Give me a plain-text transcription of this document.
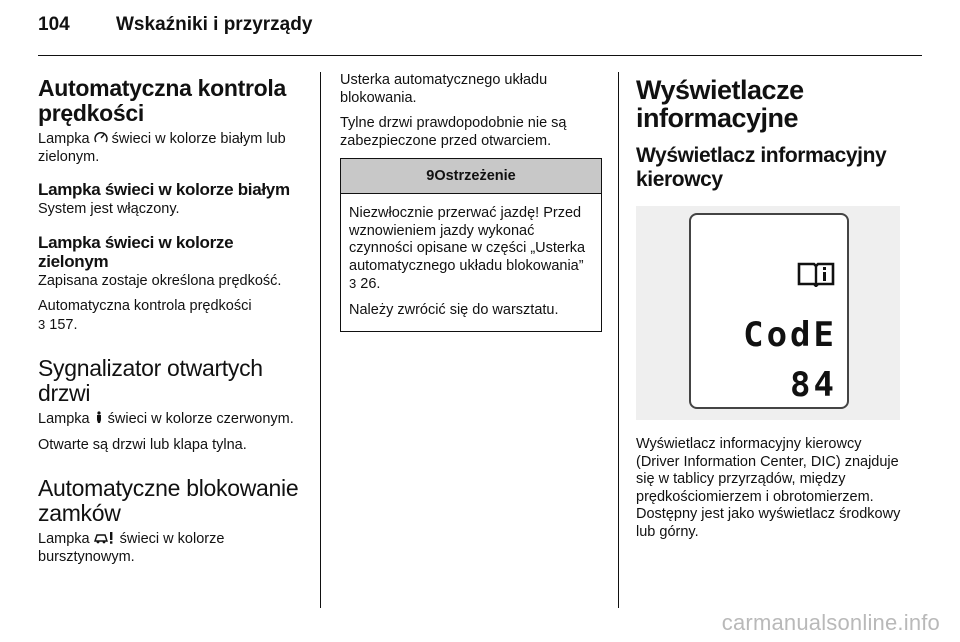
104	Wskaźniki i przyrządy
Automatyczna kontrola prędkości

Lampka  świeci w kolorze białym lub zielonym.

Lampka świeci w kolorze białym

System jest włączony.

Lampka świeci w kolorze zielonym

Zapisana zostaje określona prędkość.

Automatyczna kontrola prędkości
3 157.

Sygnalizator otwartych drzwi

Lampka  świeci w kolorze czerwonym.

Otwarte są drzwi lub klapa tylna.

Automatyczne blokowanie zamków

Lampka  świeci w kolorze bursztynowym.

Usterka automatycznego układu blokowania.

Tylne drzwi prawdopodobnie nie są zabezpieczone przed otwarciem.

9Ostrzeżenie

Niezwłocznie przerwać jazdę! Przed wznowieniem jazdy wykonać czynności opisane w części „Usterka automatycznego układu blokowania” 3 26.

Należy zwrócić się do warsztatu.

Wyświetlacze informacyjne
Wyświetlacz informacyjny kierowcy
CodE
84

Wyświetlacz informacyjny kierowcy (Driver Information Center, DIC) znajduje się w tablicy przyrządów, między prędkościomierzem i obrotomierzem. Dostępny jest jako wyświetlacz środkowy lub górny.

carmanualsonline.info
